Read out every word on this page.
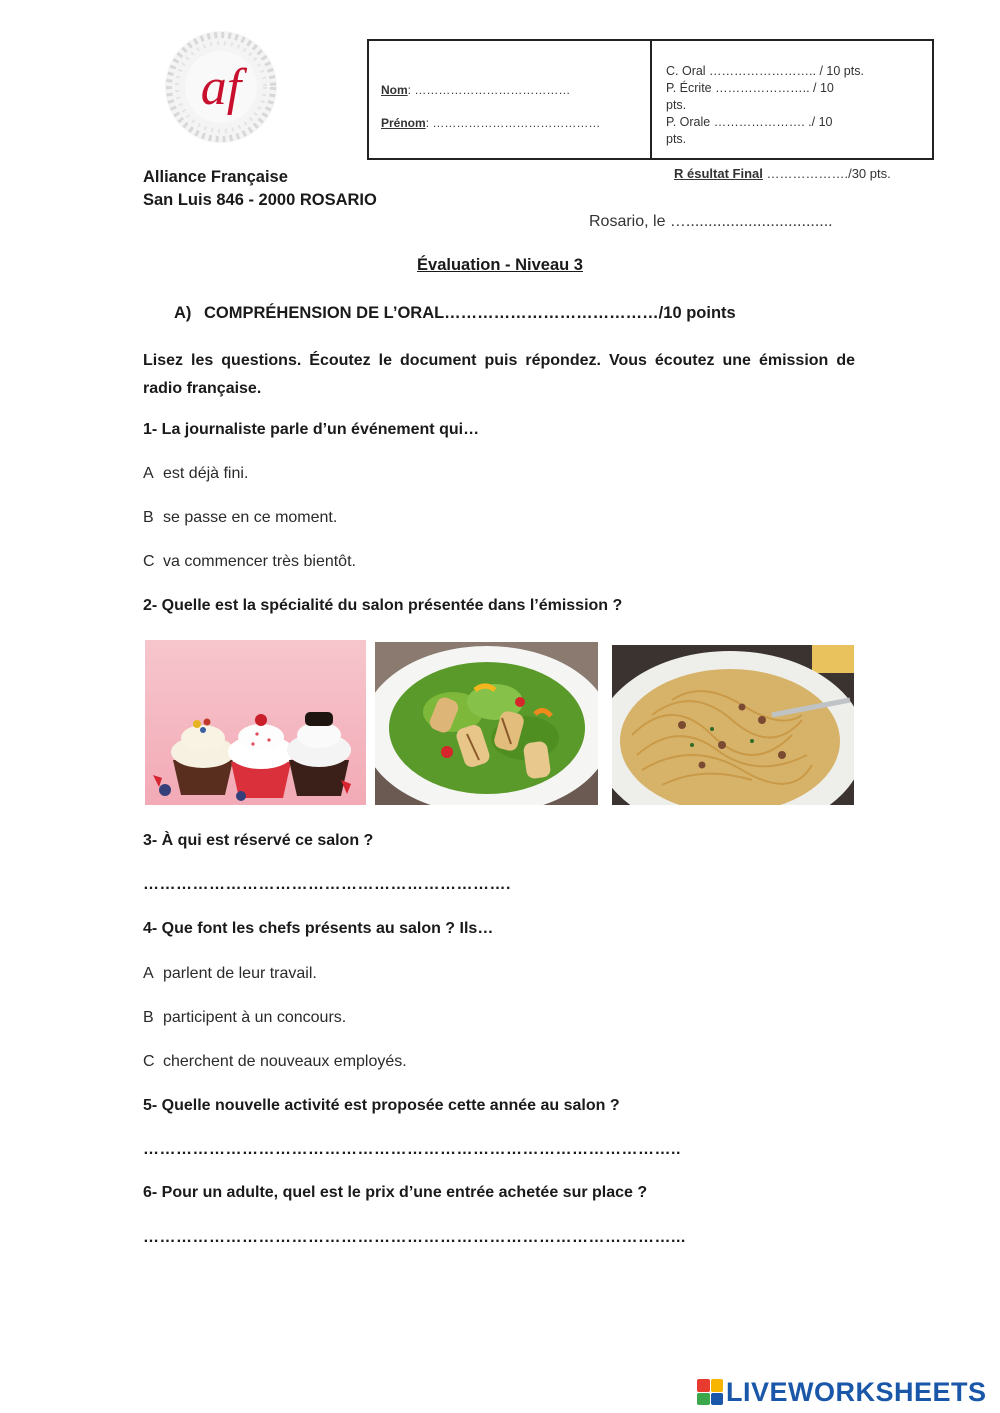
af	Nom: …………………………………
Prénom: ……………………………………
C. Oral …………………….. / 10 pts.
P. Écrite ………………….. / 10
pts.
P. Orale …………………. ./ 10
pts.
R ésultat Final ………………./30 pts.
Alliance Française
San Luis 846 - 2000 ROSARIO
Rosario, le ….................................
Évaluation - Niveau 3
A) COMPRÉHENSION DE L’ORAL…………………………………/10 points
Lisez les questions. Écoutez le document puis répondez. Vous écoutez une émission de radio française.
1- La journaliste parle d’un événement qui…
A est déjà fini.
B se passe en ce moment.
C va commencer très bientôt.
2- Quelle est la spécialité du salon présentée dans l’émission ?
3- À qui est réservé ce salon ?
………………………………………………………….
4- Que font les chefs présents au salon ? Ils…
A parlent de leur travail.
B participent à un concours.
C cherchent de nouveaux employés.
5- Quelle nouvelle activité est proposée cette année au salon ?
……………………………………………………………………………………..
6- Pour un adulte, quel est le prix d’une entrée achetée sur place ?
……………………………………………………………………………………...
LIVEWORKSHEETS
